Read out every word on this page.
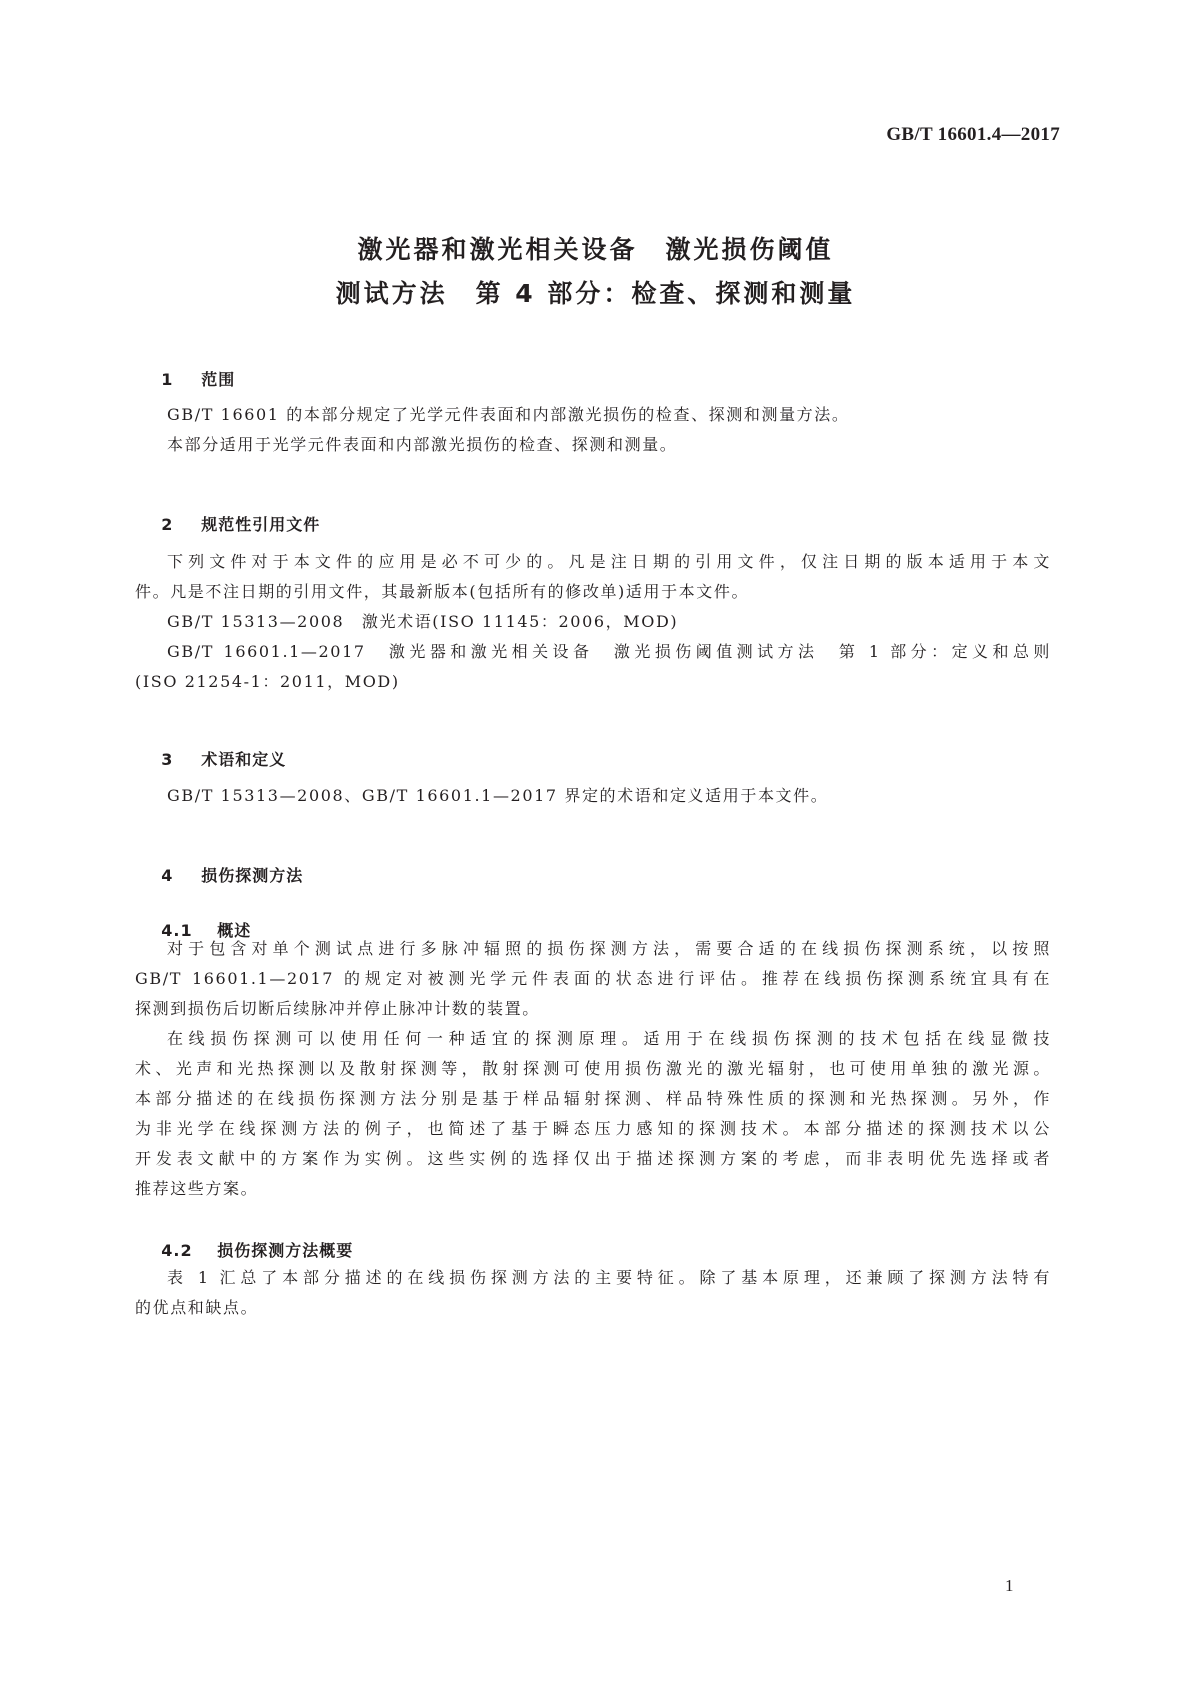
GB/T 16601.4—2017
激光器和激光相关设备　激光损伤阈值
测试方法　第 4 部分：检查、探测和测量

1 范围

GB/T 16601 的本部分规定了光学元件表面和内部激光损伤的检查、探测和测量方法。

本部分适用于光学元件表面和内部激光损伤的检查、探测和测量。

2 规范性引用文件

下列文件对于本文件的应用是必不可少的。凡是注日期的引用文件，仅注日期的版本适用于本文

件。凡是不注日期的引用文件，其最新版本(包括所有的修改单)适用于本文件。

GB/T 15313—2008　激光术语(ISO 11145：2006，MOD)

GB/T 16601.1—2017　激光器和激光相关设备　激光损伤阈值测试方法　第 1 部分：定义和总则

(ISO 21254-1：2011，MOD)

3 术语和定义

GB/T 15313—2008、GB/T 16601.1—2017 界定的术语和定义适用于本文件。

4 损伤探测方法

4.1 概述

对于包含对单个测试点进行多脉冲辐照的损伤探测方法，需要合适的在线损伤探测系统，以按照

GB/T 16601.1—2017 的规定对被测光学元件表面的状态进行评估。推荐在线损伤探测系统宜具有在

探测到损伤后切断后续脉冲并停止脉冲计数的装置。

在线损伤探测可以使用任何一种适宜的探测原理。适用于在线损伤探测的技术包括在线显微技

术、光声和光热探测以及散射探测等，散射探测可使用损伤激光的激光辐射，也可使用单独的激光源。

本部分描述的在线损伤探测方法分别是基于样品辐射探测、样品特殊性质的探测和光热探测。另外，作

为非光学在线探测方法的例子，也简述了基于瞬态压力感知的探测技术。本部分描述的探测技术以公

开发表文献中的方案作为实例。这些实例的选择仅出于描述探测方案的考虑，而非表明优先选择或者

推荐这些方案。

4.2 损伤探测方法概要

表 1 汇总了本部分描述的在线损伤探测方法的主要特征。除了基本原理，还兼顾了探测方法特有

的优点和缺点。

1
